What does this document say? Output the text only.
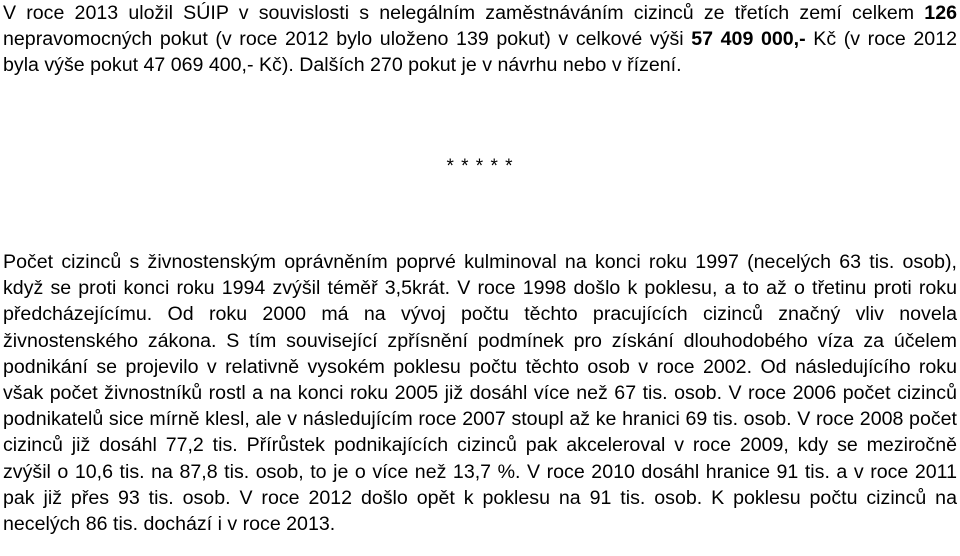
V roce 2013 uložil SÚIP v souvislosti s nelegálním zaměstnáváním cizinců ze třetích zemí celkem 126 nepravomocných pokut (v roce 2012 bylo uloženo 139 pokut) v celkové výši 57 409 000,- Kč (v roce 2012 byla výše pokut 47 069 400,- Kč). Dalších 270 pokut je v návrhu nebo v řízení.

* * * * *

Počet cizinců s živnostenským oprávněním poprvé kulminoval na konci roku 1997 (necelých 63 tis. osob), když se proti konci roku 1994 zvýšil téměř 3,5krát. V roce 1998 došlo k poklesu, a to až o třetinu proti roku předcházejícímu. Od roku 2000 má na vývoj počtu těchto pracujících cizinců značný vliv novela živnostenského zákona. S tím související zpřísnění podmínek pro získání dlouhodobého víza za účelem podnikání se projevilo v relativně vysokém poklesu počtu těchto osob v roce 2002. Od následujícího roku však počet živnostníků rostl a na konci roku 2005 již dosáhl více než 67 tis. osob. V roce 2006 počet cizinců podnikatelů sice mírně klesl, ale v následujícím roce 2007 stoupl až ke hranici 69 tis. osob. V roce 2008 počet cizinců již dosáhl 77,2 tis. Přírůstek podnikajících cizinců pak akceleroval v roce 2009, kdy se meziročně zvýšil o 10,6 tis. na 87,8 tis. osob, to je o více než 13,7 %. V roce 2010 dosáhl hranice 91 tis. a v roce 2011 pak již přes 93 tis. osob. V roce 2012 došlo opět k poklesu na 91 tis. osob. K poklesu počtu cizinců na necelých 86 tis. dochází i v roce 2013.
